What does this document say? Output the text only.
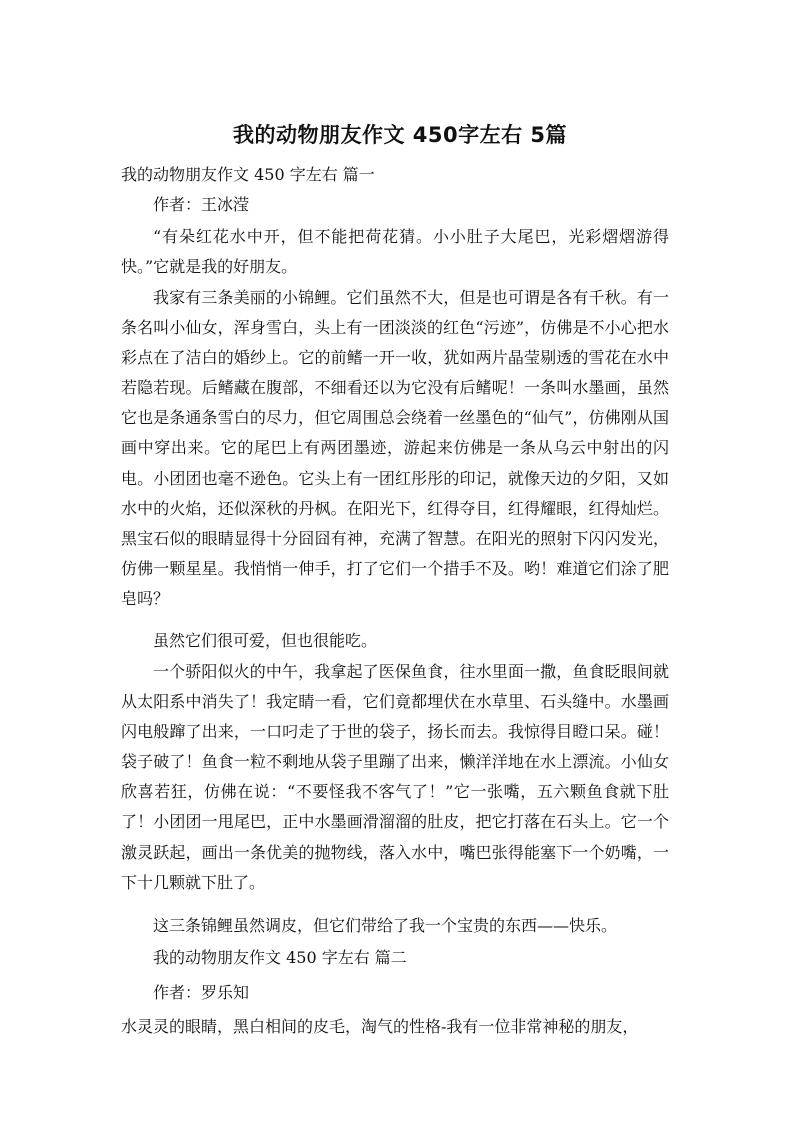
我的动物朋友作文 450字左右 5篇
我的动物朋友作文 450 字左右 篇一
作者：王冰滢

“有朵红花水中开，但不能把荷花猜。小小肚子大尾巴，光彩熠熠游得快。”它就是我的好朋友。

我家有三条美丽的小锦鲤。它们虽然不大，但是也可谓是各有千秋。有一条名叫小仙女，浑身雪白，头上有一团淡淡的红色“污迹”，仿佛是不小心把水彩点在了洁白的婚纱上。它的前鳍一开一收，犹如两片晶莹剔透的雪花在水中若隐若现。后鳍藏在腹部，不细看还以为它没有后鳍呢！一条叫水墨画，虽然它也是条通条雪白的尽力，但它周围总会绕着一丝墨色的“仙气”，仿佛刚从国画中穿出来。它的尾巴上有两团墨迹，游起来仿佛是一条从乌云中射出的闪电。小团团也毫不逊色。它头上有一团红彤彤的印记，就像天边的夕阳，又如水中的火焰，还似深秋的丹枫。在阳光下，红得夺目，红得耀眼，红得灿烂。黑宝石似的眼睛显得十分囧囧有神，充满了智慧。在阳光的照射下闪闪发光，仿佛一颗星星。我悄悄一伸手，打了它们一个措手不及。哟！难道它们涂了肥皂吗？

虽然它们很可爱，但也很能吃。

一个骄阳似火的中午，我拿起了医保鱼食，往水里面一撒，鱼食眨眼间就从太阳系中消失了！我定睛一看，它们竟都埋伏在水草里、石头缝中。水墨画闪电般蹿了出来，一口叼走了于世的袋子，扬长而去。我惊得目瞪口呆。碰！袋子破了！鱼食一粒不剩地从袋子里蹦了出来，懒洋洋地在水上漂流。小仙女欣喜若狂，仿佛在说：“不要怪我不客气了！”它一张嘴，五六颗鱼食就下肚了！小团团一甩尾巴，正中水墨画滑溜溜的肚皮，把它打落在石头上。它一个激灵跃起，画出一条优美的抛物线，落入水中，嘴巴张得能塞下一个奶嘴，一下十几颗就下肚了。

这三条锦鲤虽然调皮，但它们带给了我一个宝贵的东西——快乐。

我的动物朋友作文 450 字左右 篇二
作者：罗乐知

水灵灵的眼睛，黑白相间的皮毛，淘气的性格-我有一位非常神秘的朋友，
